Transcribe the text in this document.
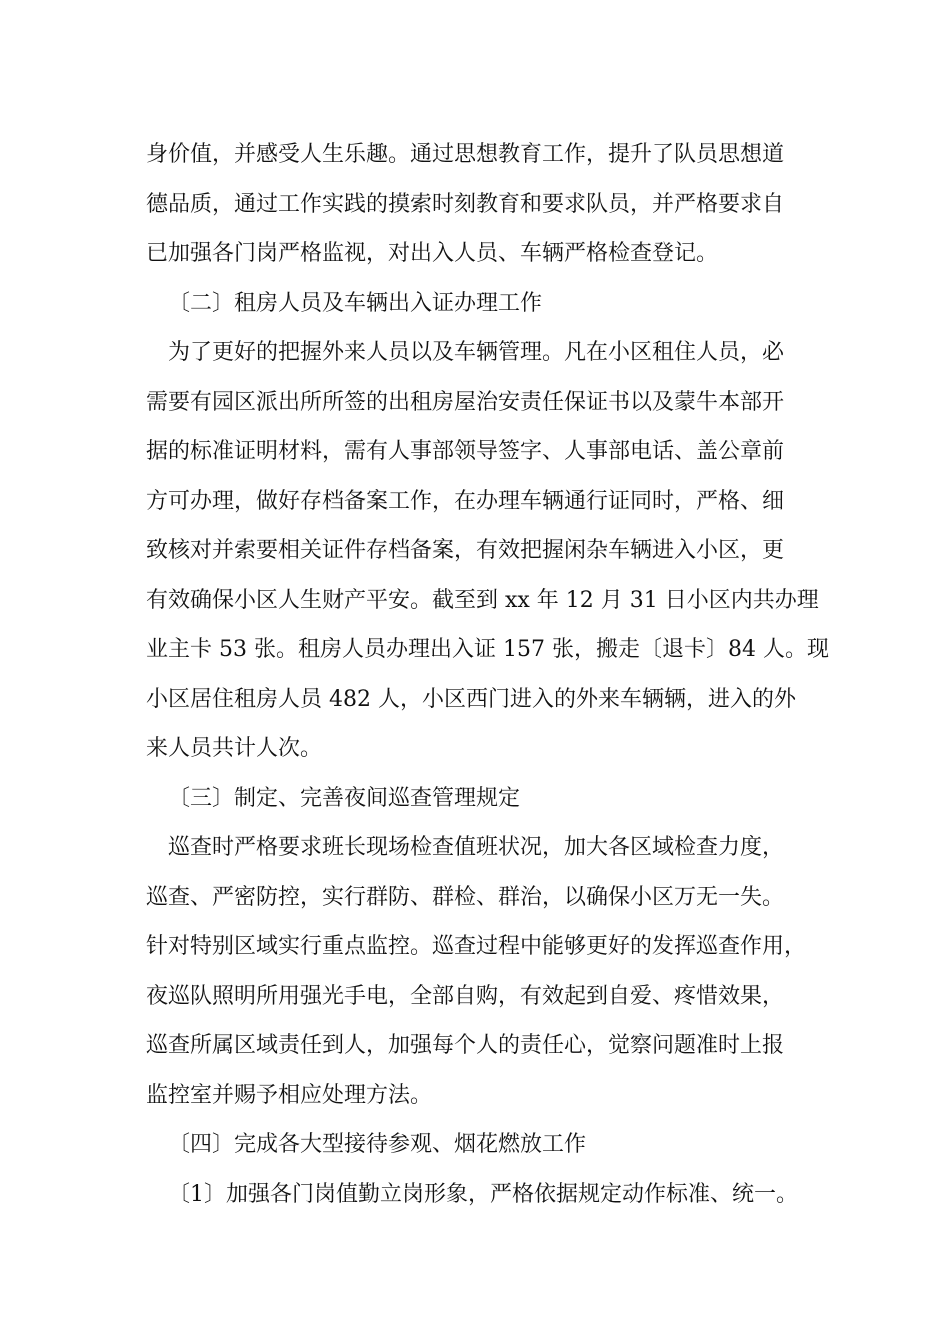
身价值，并感受人生乐趣。通过思想教育工作，提升了队员思想道
德品质，通过工作实践的摸索时刻教育和要求队员，并严格要求自
已加强各门岗严格监视，对出入人员、车辆严格检查登记。
〔二〕租房人员及车辆出入证办理工作
为了更好的把握外来人员以及车辆管理。凡在小区租住人员，必
需要有园区派出所所签的出租房屋治安责任保证书以及蒙牛本部开
据的标准证明材料，需有人事部领导签字、人事部电话、盖公章前
方可办理，做好存档备案工作，在办理车辆通行证同时，严格、细
致核对并索要相关证件存档备案，有效把握闲杂车辆进入小区，更
有效确保小区人生财产平安。截至到 xx 年 12 月 31 日小区内共办理
业主卡 53 张。租房人员办理出入证 157 张，搬走〔退卡〕84 人。现
小区居住租房人员 482 人，小区西门进入的外来车辆辆，进入的外
来人员共计人次。
〔三〕制定、完善夜间巡查管理规定
巡查时严格要求班长现场检查值班状况，加大各区域检查力度，
巡查、严密防控，实行群防、群检、群治，以确保小区万无一失。
针对特别区域实行重点监控。巡查过程中能够更好的发挥巡查作用，
夜巡队照明所用强光手电，全部自购，有效起到自爱、疼惜效果，
巡查所属区域责任到人，加强每个人的责任心，觉察问题准时上报
监控室并赐予相应处理方法。
〔四〕完成各大型接待参观、烟花燃放工作
〔1〕加强各门岗值勤立岗形象，严格依据规定动作标准、统一。
